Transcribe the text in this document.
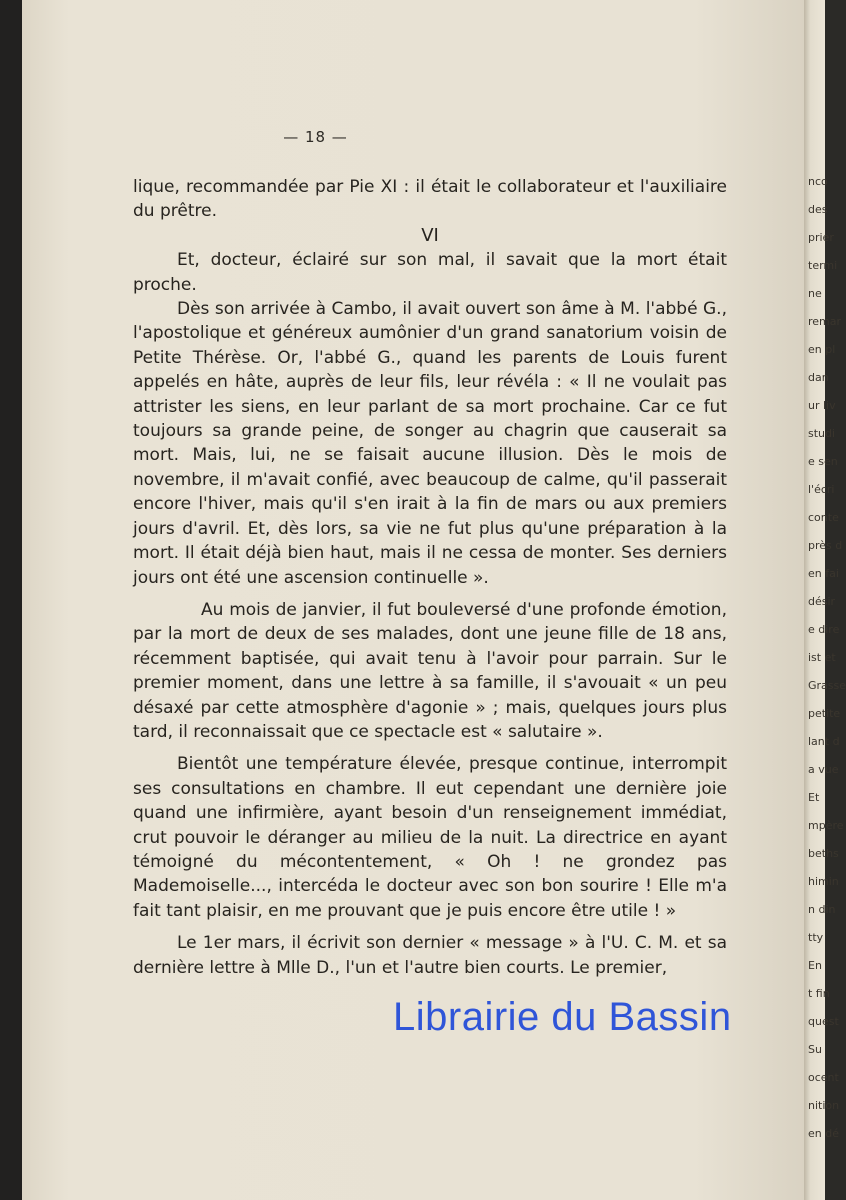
— 18 —

lique, recommandée par Pie XI : il était le collaborateur et l'auxiliaire du prêtre.

VI

Et, docteur, éclairé sur son mal, il savait que la mort était proche.

Dès son arrivée à Cambo, il avait ouvert son âme à M. l'abbé G., l'apostolique et généreux aumônier d'un grand sanatorium voisin de Petite Thérèse. Or, l'abbé G., quand les parents de Louis furent appelés en hâte, auprès de leur fils, leur révéla : « Il ne voulait pas attrister les siens, en leur parlant de sa mort prochaine. Car ce fut toujours sa grande peine, de songer au chagrin que causerait sa mort. Mais, lui, ne se faisait aucune illusion. Dès le mois de novembre, il m'avait confié, avec beaucoup de calme, qu'il passerait encore l'hiver, mais qu'il s'en irait à la fin de mars ou aux premiers jours d'avril. Et, dès lors, sa vie ne fut plus qu'une préparation à la mort. Il était déjà bien haut, mais il ne cessa de monter. Ses derniers jours ont été une ascension continuelle ».

Au mois de janvier, il fut bouleversé d'une profonde émotion, par la mort de deux de ses malades, dont une jeune fille de 18 ans, récemment baptisée, qui avait tenu à l'avoir pour parrain. Sur le premier moment, dans une lettre à sa famille, il s'avouait « un peu désaxé par cette atmosphère d'agonie » ; mais, quelques jours plus tard, il reconnaissait que ce spectacle est « salutaire ».

Bientôt une température élevée, presque continue, interrompit ses consultations en chambre. Il eut cependant une dernière joie quand une infirmière, ayant besoin d'un renseignement immédiat, crut pouvoir le déranger au milieu de la nuit. La directrice en ayant témoigné du mécontentement, « Oh ! ne grondez pas Mademoiselle..., intercéda le docteur avec son bon sourire ! Elle m'a fait tant plaisir, en me prouvant que je puis encore être utile ! »

Le 1er mars, il écrivit son dernier « message » à l'U. C. M. et sa dernière lettre à Mlle D., l'un et l'autre bien courts. Le premier,

nco
des
prier
termi
ne
remar
en pl
dan
ur liv
studi
e sen
l'écri
conte
près d
en fai
désir
e dire
ist et
Grasse
petite
lant d
a vue
Et
mpère
beths
himin
n din
tty
En
t fin
quest
Su
ocent
nition
en dé
Librairie du Bassin
